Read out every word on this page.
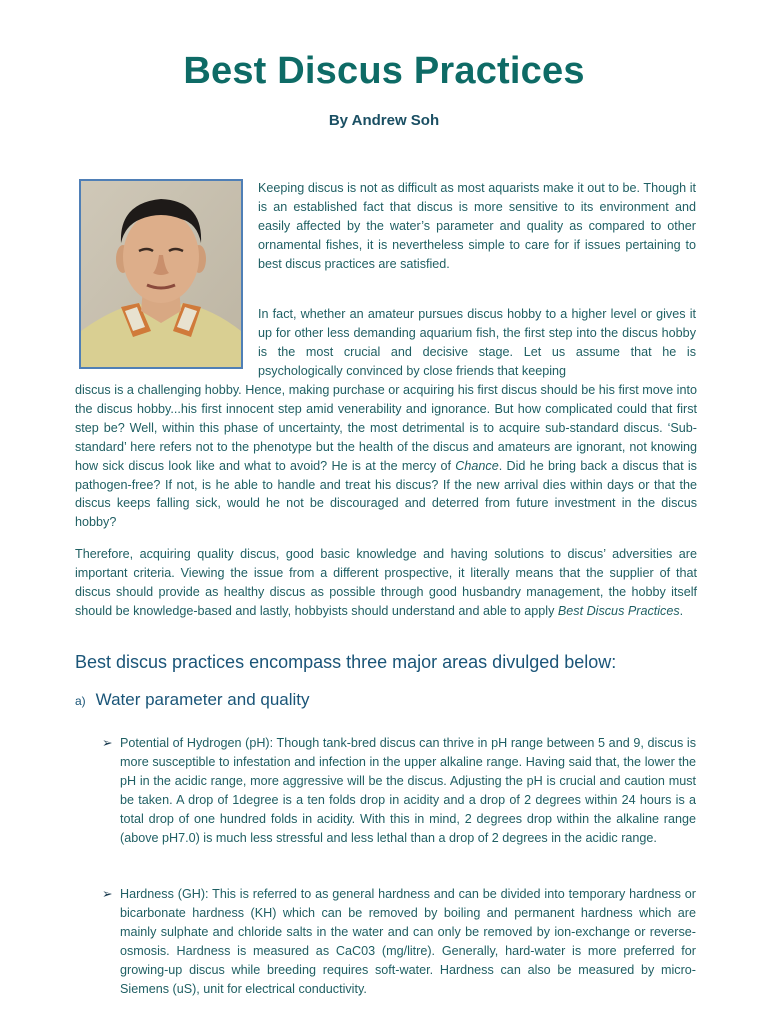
Best Discus Practices
By Andrew Soh
Keeping discus is not as difficult as most aquarists make it out to be. Though it is an established fact that discus is more sensitive to its environment and easily affected by the water’s parameter and quality as compared to other ornamental fishes, it is nevertheless simple to care for if issues pertaining to best discus practices are satisfied.
In fact, whether an amateur pursues discus hobby to a higher level or gives it up for other less demanding aquarium fish, the first step into the discus hobby is the most crucial and decisive stage. Let us assume that he is psychologically convinced by close friends that keeping
discus is a challenging hobby. Hence, making purchase or acquiring his first discus should be his first move into the discus hobby...his first innocent step amid venerability and ignorance. But how complicated could that first step be? Well, within this phase of uncertainty, the most detrimental is to acquire sub-standard discus. ‘Sub-standard’ here refers not to the phenotype but the health of the discus and amateurs are ignorant, not knowing how sick discus look like and what to avoid? He is at the mercy of Chance. Did he bring back a discus that is pathogen-free? If not, is he able to handle and treat his discus? If the new arrival dies within days or that the discus keeps falling sick, would he not be discouraged and deterred from future investment in the discus hobby?
Therefore, acquiring quality discus, good basic knowledge and having solutions to discus’ adversities are important criteria. Viewing the issue from a different prospective, it literally means that the supplier of that discus should provide as healthy discus as possible through good husbandry management, the hobby itself should be knowledge-based and lastly, hobbyists should understand and able to apply Best Discus Practices.
Best discus practices encompass three major areas divulged below:
a) Water parameter and quality
➢ Potential of Hydrogen (pH): Though tank-bred discus can thrive in pH range between 5 and 9, discus is more susceptible to infestation and infection in the upper alkaline range. Having said that, the lower the pH in the acidic range, more aggressive will be the discus. Adjusting the pH is crucial and caution must be taken. A drop of 1degree is a ten folds drop in acidity and a drop of 2 degrees within 24 hours is a total drop of one hundred folds in acidity. With this in mind, 2 degrees drop within the alkaline range (above pH7.0) is much less stressful and less lethal than a drop of 2 degrees in the acidic range.
➢ Hardness (GH): This is referred to as general hardness and can be divided into temporary hardness or bicarbonate hardness (KH) which can be removed by boiling and permanent hardness which are mainly sulphate and chloride salts in the water and can only be removed by ion-exchange or reverse-osmosis. Hardness is measured as CaC03 (mg/litre). Generally, hard-water is more preferred for growing-up discus while breeding requires soft-water. Hardness can also be measured by micro-Siemens (uS), unit for electrical conductivity.
